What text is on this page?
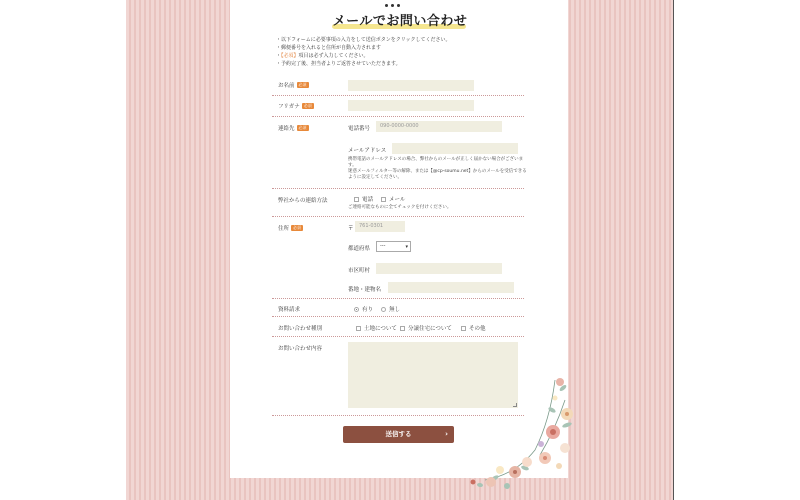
メールでお問い合わせ
・以下フォームに必要事項の入力をして送信ボタンをクリックしてください。
・郵便番号を入れると住所が自動入力されます
・【必須】項目は必ず入力してください。
・予約完了後、担当者よりご返答させていただきます。
お名前	必須
フリガナ	必須
連絡先	必須	電話番号	090-0000-0000
メールアドレス
携帯電話のメールアドレスの場合、弊社からのメールが正しく届かない場合がございます。
迷惑メールフィルター等の解除、または【@cp-soumu.net】からのメールを受信できるように設定してください。
弊社からの連絡方法	電話	メール
ご連絡可能なものに全てチェックを付けください。
住所	必須	〒	761-0301
都道府県	---	▾
市区町村
番地・建物名
資料請求	有り	無し
お問い合わせ種別	土地について 分譲住宅について	その他
お問い合わせ内容
送信する	›
